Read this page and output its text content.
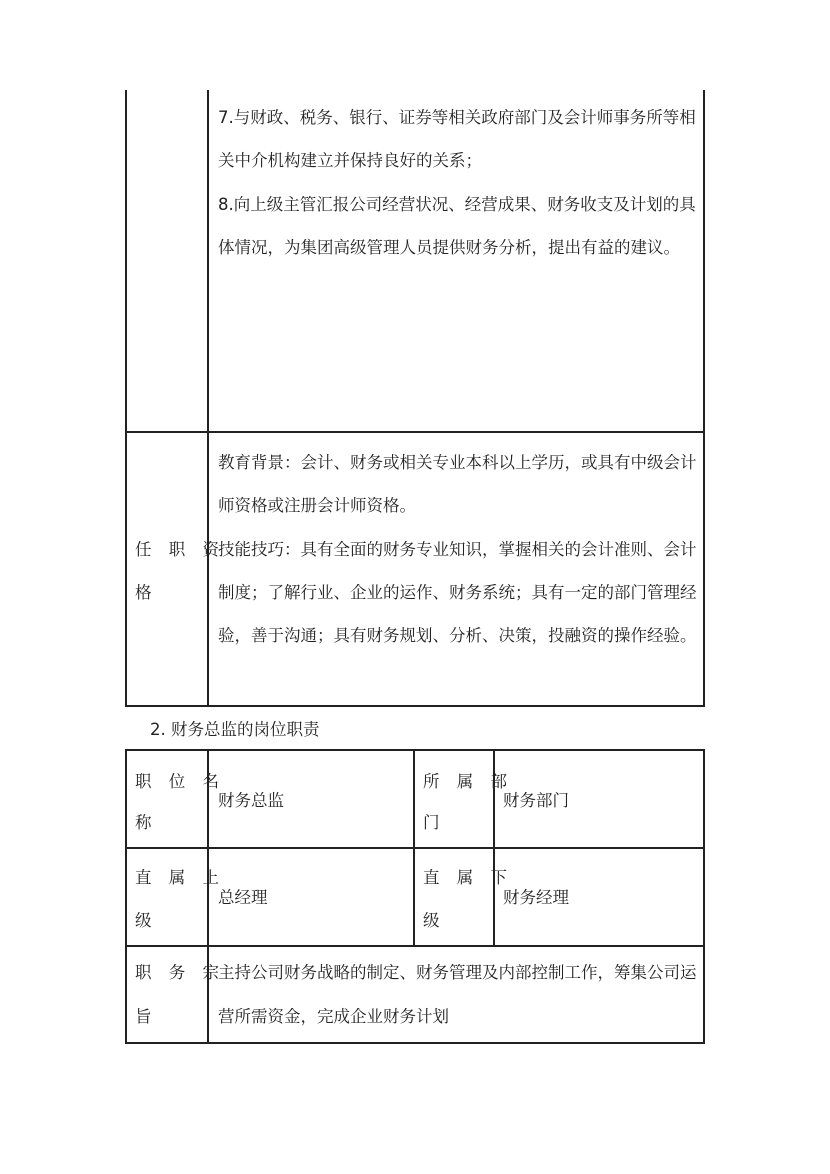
7.与财政、税务、银行、证券等相关政府部门及会计师事务所等相
关中介机构建立并保持良好的关系；
8.向上级主管汇报公司经营状况、经营成果、财务收支及计划的具
体情况，为集团高级管理人员提供财务分析，提出有益的建议。
任 职 资
格
教育背景：会计、财务或相关专业本科以上学历，或具有中级会计
师资格或注册会计师资格。
技能技巧：具有全面的财务专业知识，掌握相关的会计准则、会计
制度；了解行业、企业的运作、财务系统；具有一定的部门管理经
验，善于沟通；具有财务规划、分析、决策，投融资的操作经验。
2. 财务总监的岗位职责
职 位 名
称
财务总监
所 属 部
门
财务部门
直 属 上
级
总经理
直 属 下
级
财务经理
职 务 宗
旨
主持公司财务战略的制定、财务管理及内部控制工作，筹集公司运
营所需资金，完成企业财务计划
